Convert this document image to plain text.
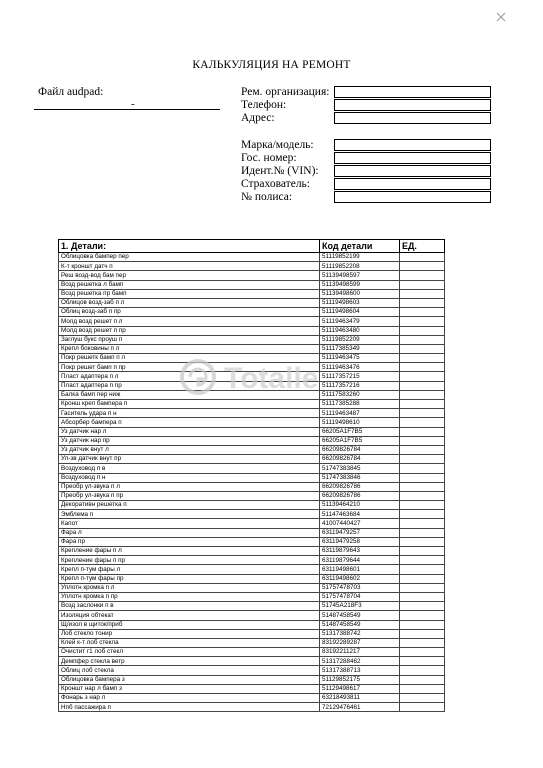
КАЛЬКУЛЯЦИЯ НА РЕМОНТ
Файл audpad:
-
Рем. организация:
Телефон:
Адрес:
Марка/модель:
Гос. номер:
Идент.№ (VIN):
Страхователь:
№ полиса:
1. Детали:	Код детали	ЕД.
Облицовка бампер пер	51119852199	
К-т кроншт датч п	51119852208	
Реш возд-вод бам пер	51139498597	
Возд решетка л бамп	51139498599	
Возд решетка пр бамп	51139498600	
Облицов возд-заб п л	51119498603	
Облиц возд-заб п пр	51119498604	
Молд возд решет п л	51119463479	
Молд возд решет п пр	51119463480	
Заглуш букс проуш п	51119852209	
Крепл боковины п л	51117385349	
Покр решетк бамп п л	51119463475	
Покр решет бамп п пр	51119463476	
Пласт адаптера п л	51117357215	
Пласт адаптера п пр	51117357216	
Балка бамп пер ниж	51117583260	
Кронш креп бампера п	51117385288	
Гаситель удара п н	51119463487	
Абсорбер бампера п	51119498610	
Уз датчик нар л	66205A1F7B5	
Уз датчик нар пр	66205A1F7B5	
Уз датчик внут л	66209826784	
Ул-зв датчик внут пр	66209826784	
Воздуховод п в	51747383845	
Воздуховод п н	51747383846	
Преобр ул-звука п л	66209826786	
Преобр ул-звука п пр	66209826786	
Декоративн решетка п	51139464210	
Эмблема п	51147463684	
Капот	41007440427	
Фара л	63119479257	
Фара пр	63119479258	
Крепление фары п л	63119879643	
Крепление фары п пр	63119879644	
Крепл п-тум фары л	63119498601	
Крепл п-тум фары пр	63119498602	
Уплотн кромка п л	51757478703	
Уплотн кромка п пр	51757478704	
Возд заслонки п в	51745A218F3	
Изоляция обтекат	51487458549	
Щ/изол в щиток/приб	51487458549	
Лоб стекло тонир	51317388742	
Клей к-т лоб стекла	83192289287	
Очистит г1 лоб стекл	83192211217	
Демпфер стекла ветр	51317288462	
Облиц лоб стекла	51317388713	
Облицовка бампера з	51129852175	
Кроншт нар л бамп з	51129498617	
Фонарь з нар л	63218493811	
Нпб пассажира п	72129476461	
Totalle
